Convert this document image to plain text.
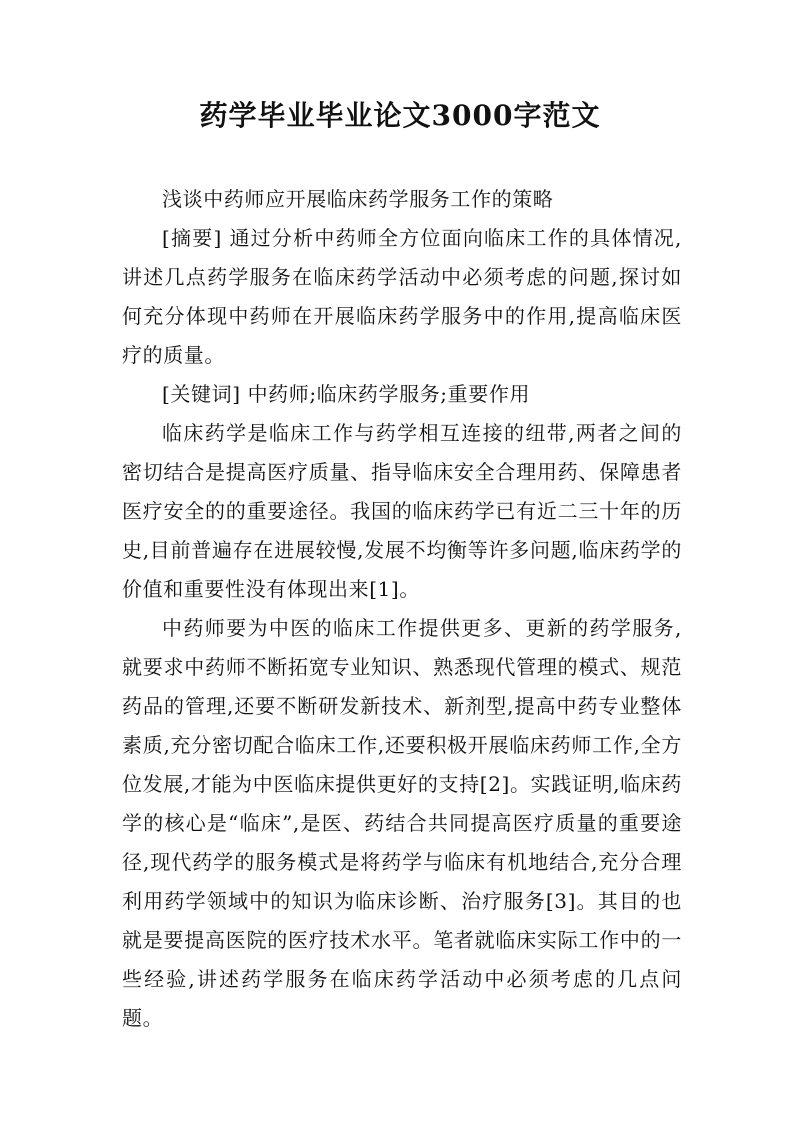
药学毕业毕业论文3000字范文

浅谈中药师应开展临床药学服务工作的策略

[摘要] 通过分析中药师全方位面向临床工作的具体情况,讲述几点药学服务在临床药学活动中必须考虑的问题,探讨如何充分体现中药师在开展临床药学服务中的作用,提高临床医疗的质量。

[关键词] 中药师;临床药学服务;重要作用

临床药学是临床工作与药学相互连接的纽带,两者之间的密切结合是提高医疗质量、指导临床安全合理用药、保障患者医疗安全的的重要途径。我国的临床药学已有近二三十年的历史,目前普遍存在进展较慢,发展不均衡等许多问题,临床药学的价值和重要性没有体现出来[1]。

中药师要为中医的临床工作提供更多、更新的药学服务,就要求中药师不断拓宽专业知识、熟悉现代管理的模式、规范药品的管理,还要不断研发新技术、新剂型,提高中药专业整体素质,充分密切配合临床工作,还要积极开展临床药师工作,全方位发展,才能为中医临床提供更好的支持[2]。实践证明,临床药学的核心是“临床”,是医、药结合共同提高医疗质量的重要途径,现代药学的服务模式是将药学与临床有机地结合,充分合理利用药学领域中的知识为临床诊断、治疗服务[3]。其目的也就是要提高医院的医疗技术水平。笔者就临床实际工作中的一些经验,讲述药学服务在临床药学活动中必须考虑的几点问题。
